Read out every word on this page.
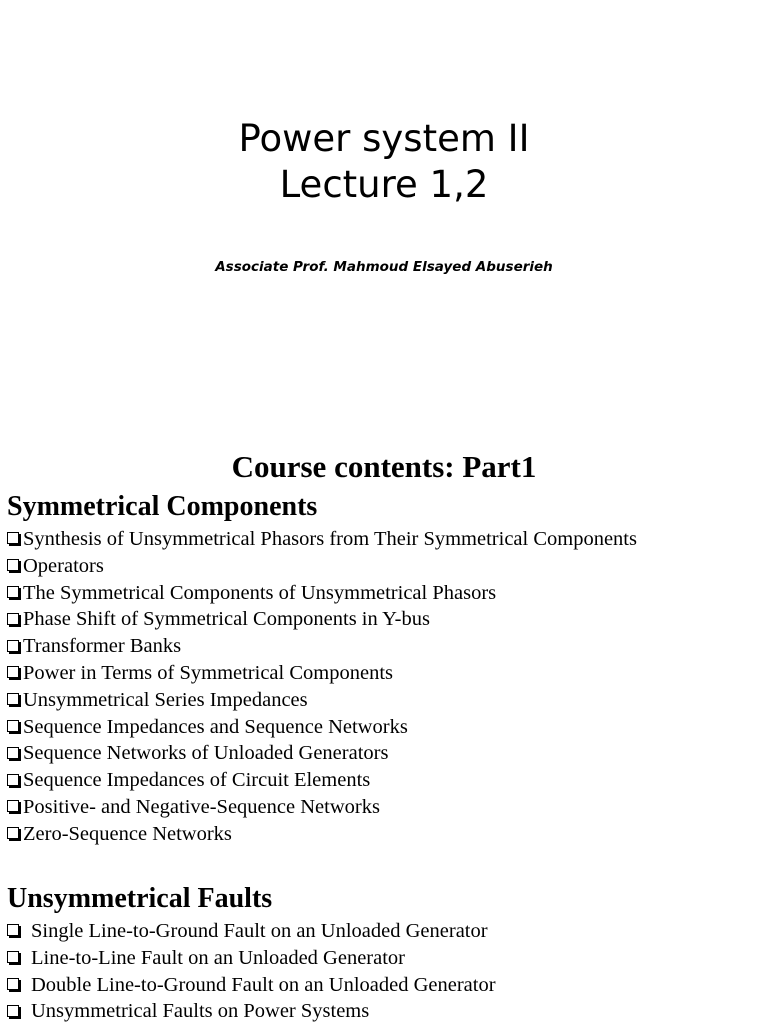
Power system II
Lecture 1,2
Associate Prof. Mahmoud Elsayed Abuserieh
Course contents: Part1
Symmetrical Components
Synthesis of Unsymmetrical Phasors from Their Symmetrical Components
Operators
The Symmetrical Components of Unsymmetrical Phasors
Phase Shift of Symmetrical Components in Y-bus
Transformer Banks
Power in Terms of Symmetrical Components
Unsymmetrical Series Impedances
Sequence Impedances and Sequence Networks
Sequence Networks of Unloaded Generators
Sequence Impedances of Circuit Elements
Positive- and Negative-Sequence Networks
Zero-Sequence Networks
Unsymmetrical Faults
Single Line-to-Ground Fault on an Unloaded Generator
Line-to-Line Fault on an Unloaded Generator
Double Line-to-Ground Fault on an Unloaded Generator
Unsymmetrical Faults on Power Systems
